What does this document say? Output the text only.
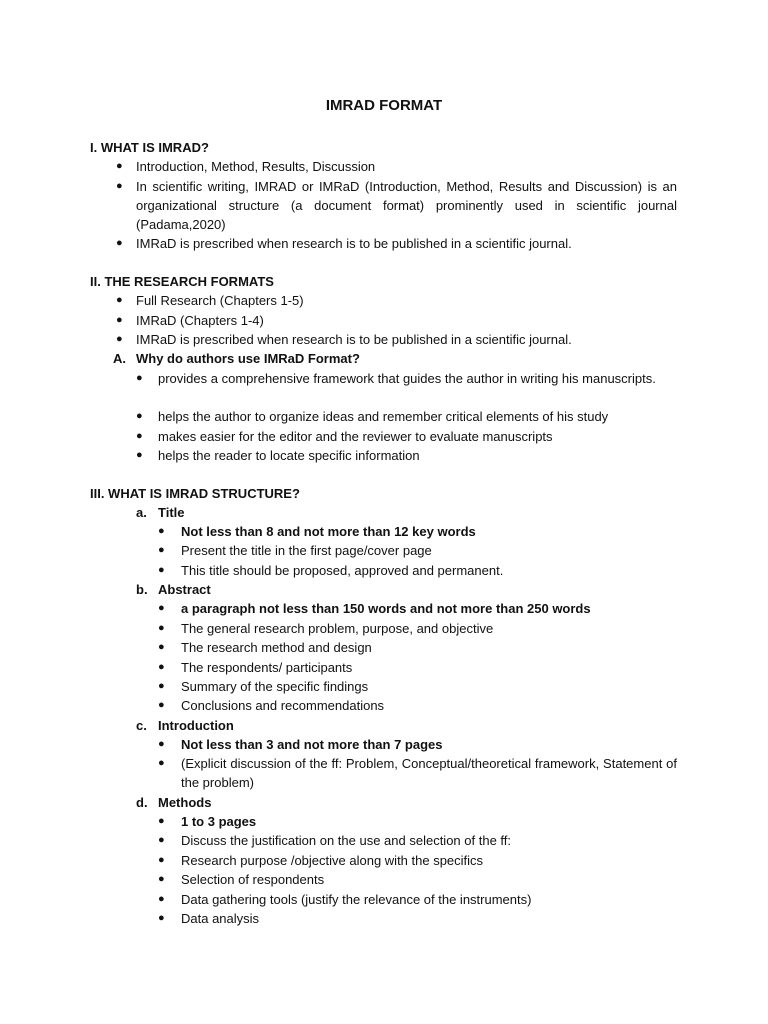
IMRAD FORMAT
I. WHAT IS IMRAD?
● Introduction, Method, Results, Discussion
● In scientific writing, IMRAD or IMRaD (Introduction, Method, Results and Discussion) is an organizational structure (a document format) prominently used in scientific journal (Padama,2020)
● IMRaD is prescribed when research is to be published in a scientific journal.
II. THE RESEARCH FORMATS
● Full Research (Chapters 1-5)
● IMRaD (Chapters 1-4)
● IMRaD is prescribed when research is to be published in a scientific journal.
A. Why do authors use IMRaD Format?
● provides a comprehensive framework that guides the author in writing his manuscripts.
● helps the author to organize ideas and remember critical elements of his study
● makes easier for the editor and the reviewer to evaluate manuscripts
● helps the reader to locate specific information
III. WHAT IS IMRAD STRUCTURE?
a. Title
● Not less than 8 and not more than 12 key words
● Present the title in the first page/cover page
● This title should be proposed, approved and permanent.
b. Abstract
● a paragraph not less than 150 words and not more than 250 words
● The general research problem, purpose, and objective
● The research method and design
● The respondents/ participants
● Summary of the specific findings
● Conclusions and recommendations
c. Introduction
● Not less than 3 and not more than 7 pages
● (Explicit discussion of the ff: Problem, Conceptual/theoretical framework, Statement of the problem)
d. Methods
● 1 to 3 pages
● Discuss the justification on the use and selection of the ff:
● Research purpose /objective along with the specifics
● Selection of respondents
● Data gathering tools (justify the relevance of the instruments)
● Data analysis
